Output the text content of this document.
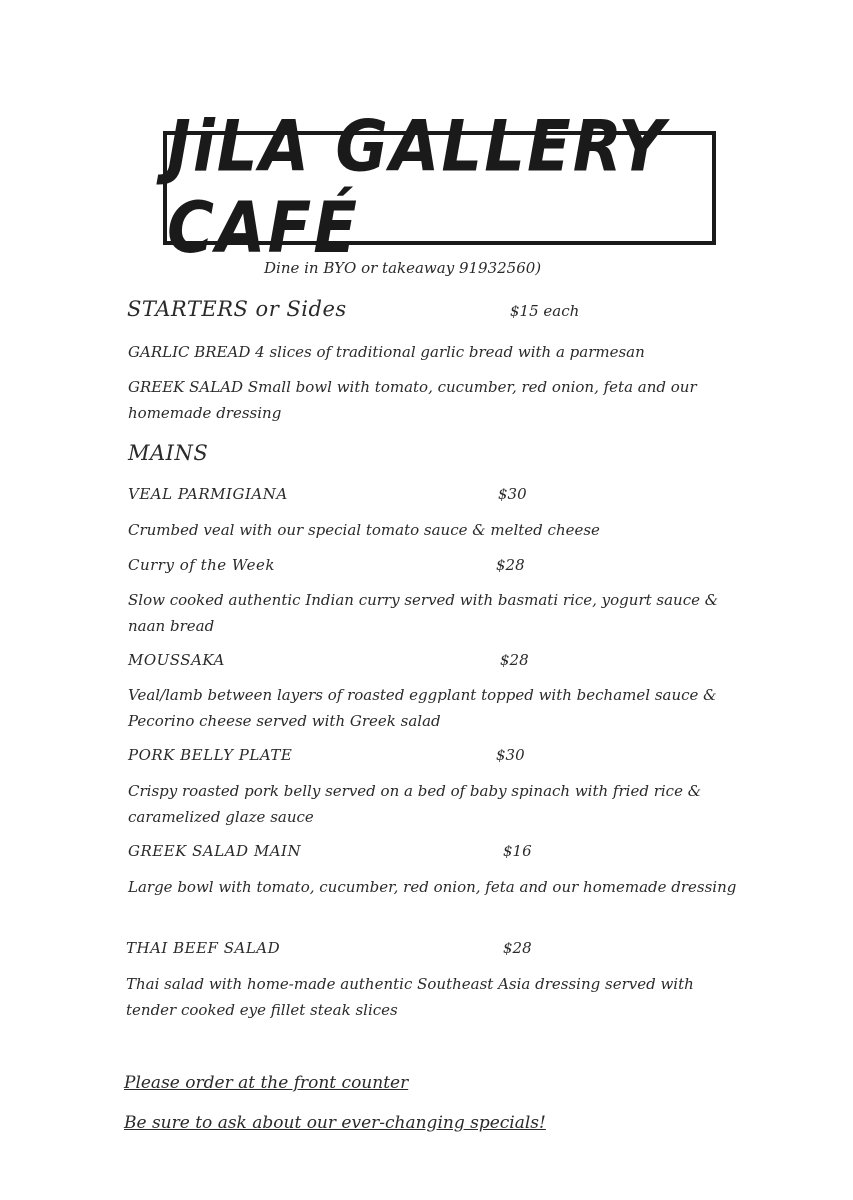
JiLA GALLERY CAFÉ
Dine in BYO or takeaway 91932560)
STARTERS or Sides	$15 each
GARLIC BREAD 4 slices of traditional garlic bread with a parmesan
GREEK SALAD Small bowl with tomato, cucumber, red onion, feta and our homemade dressing
MAINS
VEAL PARMIGIANA	$30
Crumbed veal with our special tomato sauce & melted cheese
Curry of the Week	$28
Slow cooked authentic Indian curry served with basmati rice, yogurt sauce & naan bread
MOUSSAKA	$28
Veal/lamb between layers of roasted eggplant topped with bechamel sauce & Pecorino cheese served with Greek salad
PORK BELLY PLATE	$30
Crispy roasted pork belly served on a bed of baby spinach with fried rice & caramelized glaze sauce
GREEK SALAD MAIN	$16
Large bowl with tomato, cucumber, red onion, feta and our homemade dressing
THAI BEEF SALAD	$28
Thai salad with home-made authentic Southeast Asia dressing served with tender cooked eye fillet steak slices
Please order at the front counter
Be sure to ask about our ever-changing specials!
